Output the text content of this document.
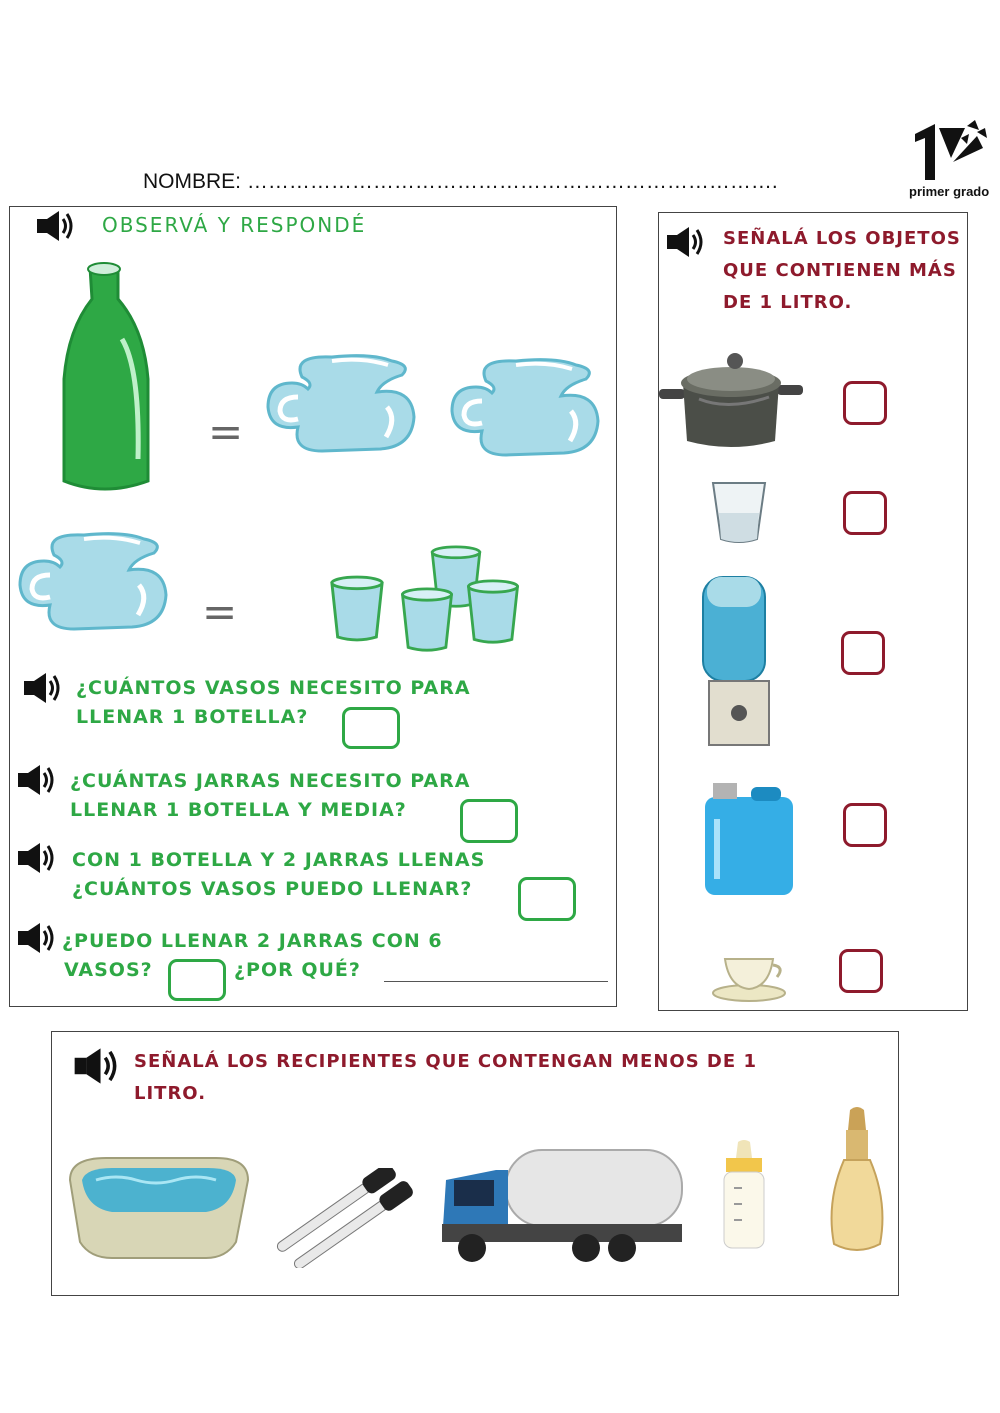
NOMBRE: ………………………………………………………………….	primer grado
OBSERVÁ Y RESPONDÉ
=
=
¿CUÁNTOS VASOS NECESITO PARA
LLENAR 1 BOTELLA?
¿CUÁNTAS JARRAS NECESITO PARA
LLENAR 1 BOTELLA Y MEDIA?
CON 1 BOTELLA Y 2 JARRAS LLENAS
¿CUÁNTOS VASOS PUEDO LLENAR?
¿PUEDO LLENAR 2 JARRAS CON 6
VASOS?	¿POR QUÉ?
SEÑALÁ LOS OBJETOS
QUE CONTIENEN MÁS
DE 1 LITRO.
SEÑALÁ LOS RECIPIENTES QUE CONTENGAN MENOS DE 1
LITRO.
